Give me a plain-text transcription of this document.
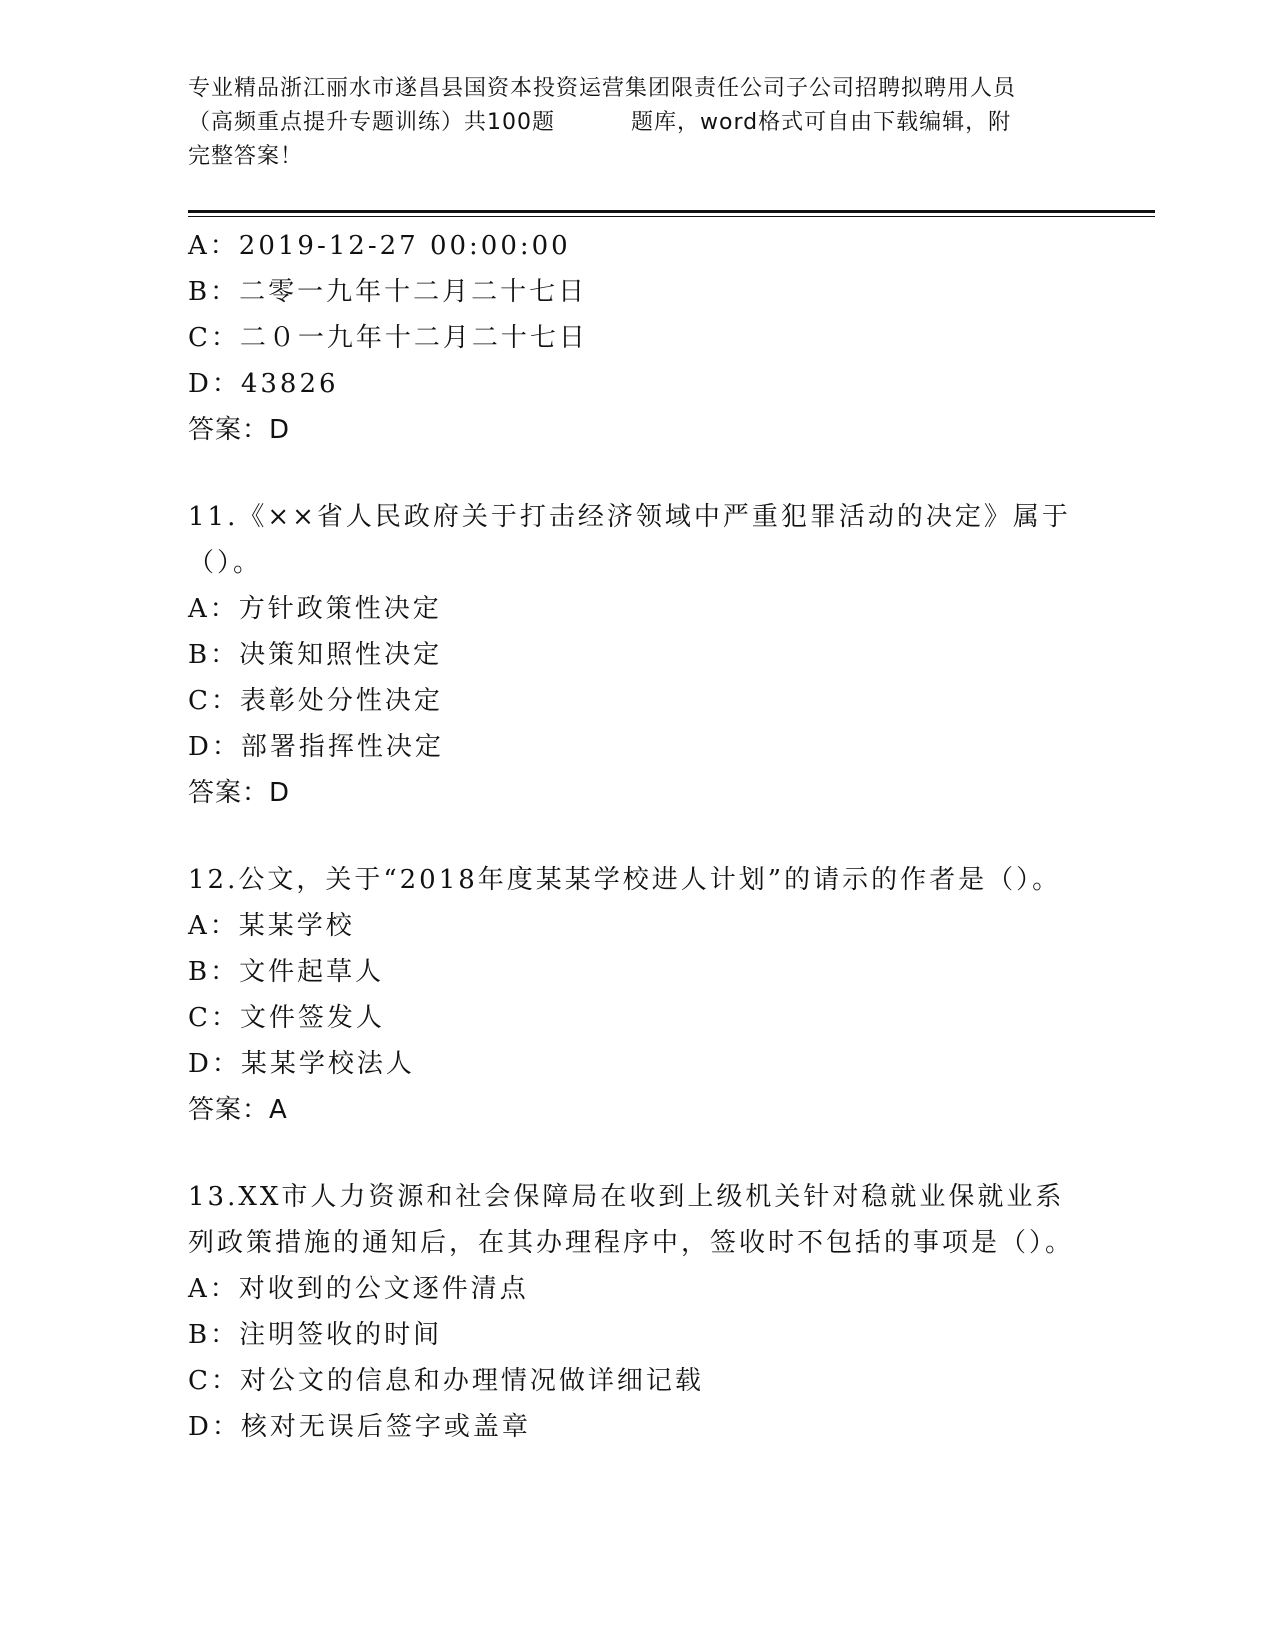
专业精品浙江丽水市遂昌县国资本投资运营集团限责任公司子公司招聘拟聘用人员
（高频重点提升专题训练）共100题	题库，word格式可自由下载编辑，附
完整答案！
A：2019-12-27 00:00:00
B：二零一九年十二月二十七日
C：二０一九年十二月二十七日
D：43826
答案：D
11.《××省人民政府关于打击经济领域中严重犯罪活动的决定》属于（）。
A：方针政策性决定
B：决策知照性决定
C：表彰处分性决定
D：部署指挥性决定
答案：D
12.公文，关于“2018年度某某学校进人计划”的请示的作者是（）。
A：某某学校
B：文件起草人
C：文件签发人
D：某某学校法人
答案：A
13.XX市人力资源和社会保障局在收到上级机关针对稳就业保就业系列政策措施的通知后，在其办理程序中，签收时不包括的事项是（）。
A：对收到的公文逐件清点
B：注明签收的时间
C：对公文的信息和办理情况做详细记载
D：核对无误后签字或盖章
